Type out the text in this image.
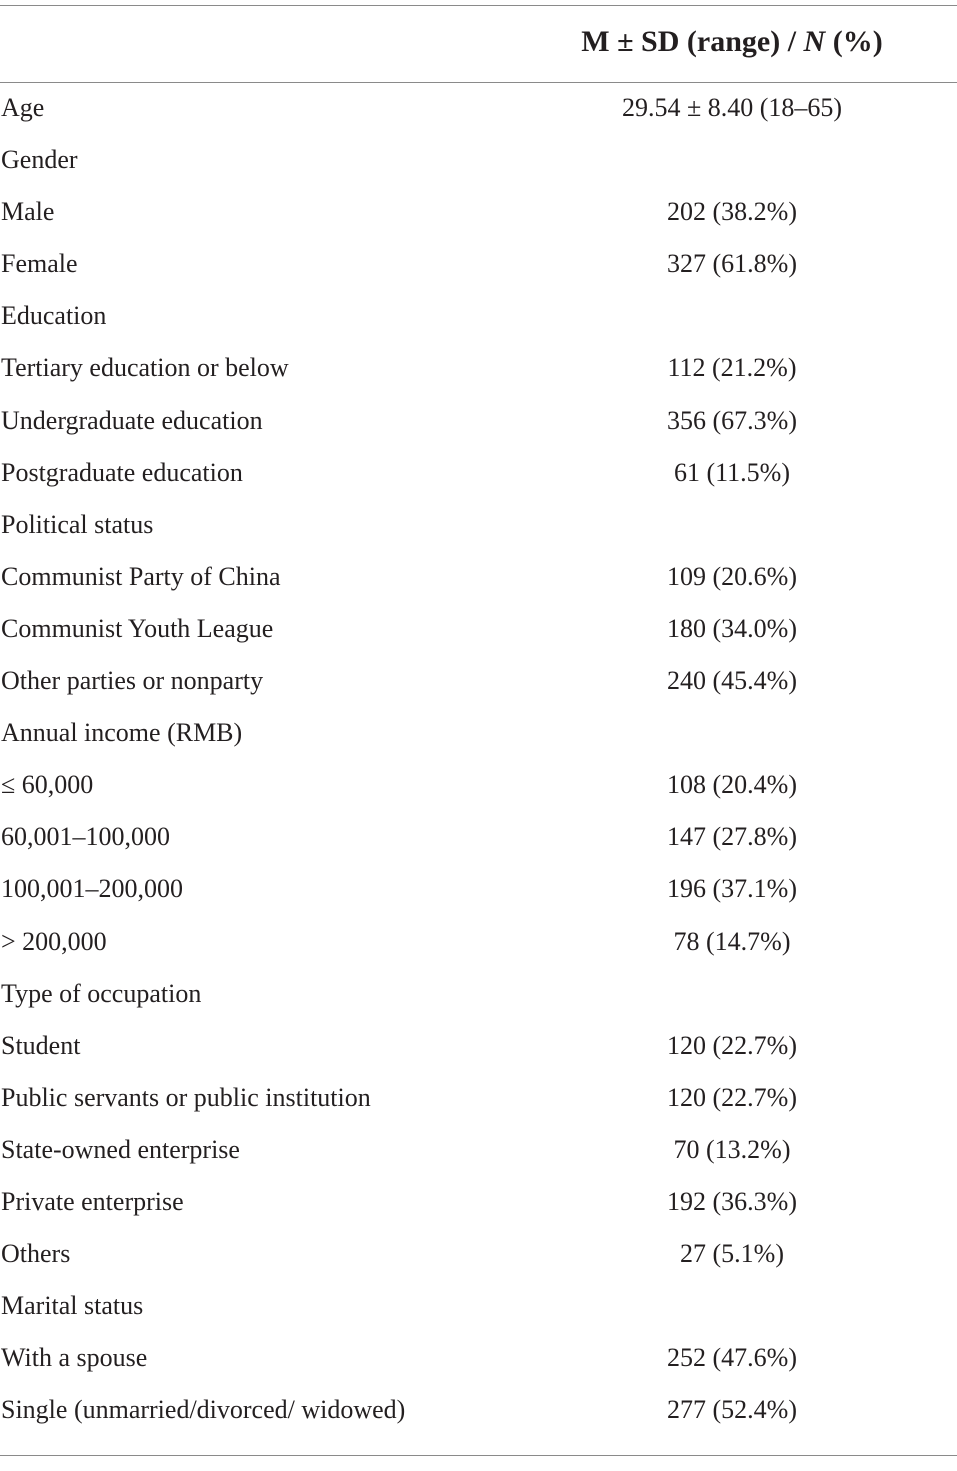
M ± SD (range) / N (%)
Age	29.54 ± 8.40 (18–65)
Gender
Male	202 (38.2%)
Female	327 (61.8%)
Education
Tertiary education or below	112 (21.2%)
Undergraduate education	356 (67.3%)
Postgraduate education	61 (11.5%)
Political status
Communist Party of China	109 (20.6%)
Communist Youth League	180 (34.0%)
Other parties or nonparty	240 (45.4%)
Annual income (RMB)
≤ 60,000	108 (20.4%)
60,001–100,000	147 (27.8%)
100,001–200,000	196 (37.1%)
> 200,000	78 (14.7%)
Type of occupation
Student	120 (22.7%)
Public servants or public institution	120 (22.7%)
State-owned enterprise	70 (13.2%)
Private enterprise	192 (36.3%)
Others	27 (5.1%)
Marital status
With a spouse	252 (47.6%)
Single (unmarried/divorced/ widowed)	277 (52.4%)
